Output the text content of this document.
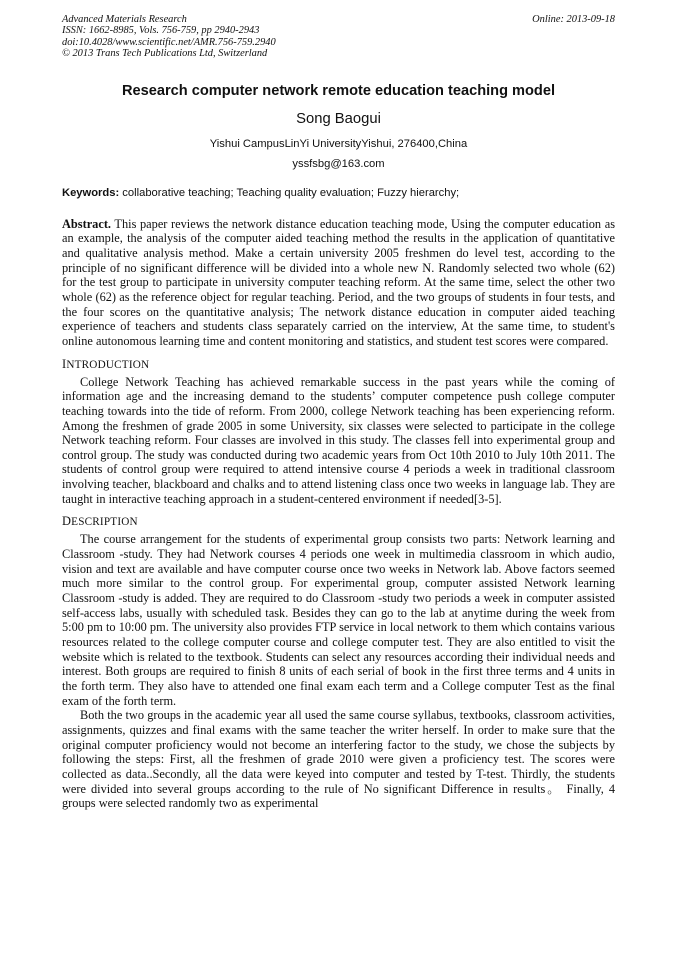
Advanced Materials Research
ISSN: 1662-8985, Vols. 756-759, pp 2940-2943
doi:10.4028/www.scientific.net/AMR.756-759.2940
© 2013 Trans Tech Publications Ltd, Switzerland
Online: 2013-09-18
Research computer network remote education teaching model
Song Baogui
Yishui CampusLinYi UniversityYishui, 276400,China
yssfsbg@163.com
Keywords: collaborative teaching; Teaching quality evaluation; Fuzzy hierarchy;
Abstract. This paper reviews the network distance education teaching mode, Using the computer education as an example, the analysis of the computer aided teaching method the results in the application of quantitative and qualitative analysis method. Make a certain university 2005 freshmen do level test, according to the principle of no significant difference will be divided into a whole new N. Randomly selected two whole (62) for the test group to participate in university computer teaching reform. At the same time, select the other two whole (62) as the reference object for regular teaching. Period, and the two groups of students in four tests, and the four scores on the quantitative analysis; The network distance education in computer aided teaching experience of teachers and students class separately carried on the interview, At the same time, to student's online autonomous learning time and content monitoring and statistics, and student test scores were compared.
INTRODUCTION

College Network Teaching has achieved remarkable success in the past years while the coming of information age and the increasing demand to the students’ computer competence push college computer teaching towards into the tide of reform. From 2000, college Network teaching has been experiencing reform. Among the freshmen of grade 2005 in some University, six classes were selected to participate in the college Network teaching reform. Four classes are involved in this study. The classes fell into experimental group and control group. The study was conducted during two academic years from Oct 10th 2010 to July 10th 2011. The students of control group were required to attend intensive course 4 periods a week in traditional classroom involving teacher, blackboard and chalks and to attend listening class once two weeks in language lab. They are taught in interactive teaching approach in a student-centered environment if needed[3-5].

DESCRIPTION

The course arrangement for the students of experimental group consists two parts: Network learning and Classroom -study. They had Network courses 4 periods one week in multimedia classroom in which audio, vision and text are available and have computer course once two weeks in Network lab. Above factors seemed much more similar to the control group. For experimental group, computer assisted Network learning Classroom -study is added. They are required to do Classroom -study two periods a week in computer assisted self-access labs, usually with scheduled task. Besides they can go to the lab at anytime during the week from 5:00 pm to 10:00 pm. The university also provides FTP service in local network to them which contains various resources related to the college computer course and college computer test. They are also entitled to visit the website which is related to the textbook. Students can select any resources according their individual needs and interest. Both groups are required to finish 8 units of each serial of book in the first three terms and 4 units in the forth term. They also have to attended one final exam each term and a College computer Test as the final exam of the forth term.

Both the two groups in the academic year all used the same course syllabus, textbooks, classroom activities, assignments, quizzes and final exams with the same teacher the writer herself. In order to make sure that the original computer proficiency would not become an interfering factor to the study, we chose the subjects by following the steps: First, all the freshmen of grade 2010 were given a proficiency test. The scores were collected as data..Secondly, all the data were keyed into computer and tested by T-test. Thirdly, the students were divided into several groups according to the rule of No significant Difference in results。 Finally, 4 groups were selected randomly two as experimental
